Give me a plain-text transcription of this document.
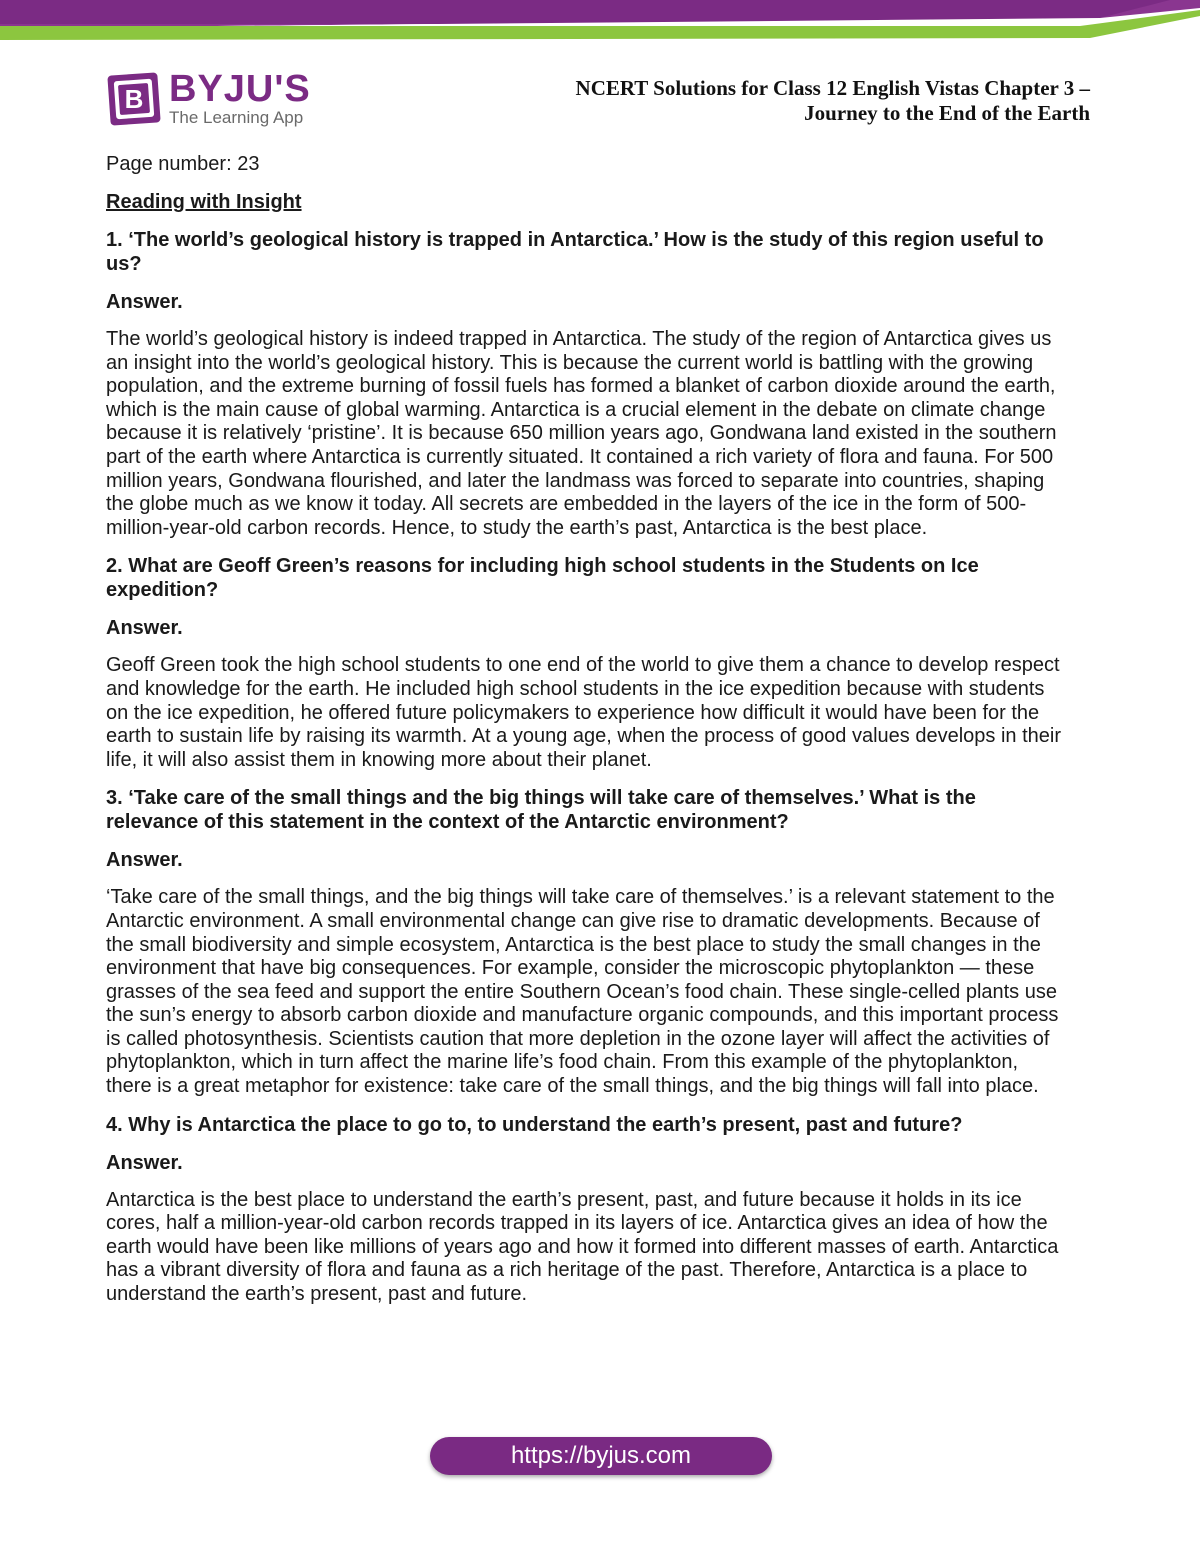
B BYJU'S
The Learning App
NCERT Solutions for Class 12 English Vistas Chapter 3 –
Journey to the End of the Earth

Page number: 23

Reading with Insight

1. ‘The world’s geological history is trapped in Antarctica.’ How is the study of this region useful to
us?

Answer.

The world’s geological history is indeed trapped in Antarctica. The study of the region of Antarctica gives us
an insight into the world’s geological history. This is because the current world is battling with the growing
population, and the extreme burning of fossil fuels has formed a blanket of carbon dioxide around the earth,
which is the main cause of global warming. Antarctica is a crucial element in the debate on climate change
because it is relatively ‘pristine’. It is because 650 million years ago, Gondwana land existed in the southern
part of the earth where Antarctica is currently situated. It contained a rich variety of flora and fauna. For 500
million years, Gondwana flourished, and later the landmass was forced to separate into countries, shaping
the globe much as we know it today. All secrets are embedded in the layers of the ice in the form of 500-
million-year-old carbon records. Hence, to study the earth’s past, Antarctica is the best place.

2. What are Geoff Green’s reasons for including high school students in the Students on Ice
expedition?

Answer.

Geoff Green took the high school students to one end of the world to give them a chance to develop respect
and knowledge for the earth. He included high school students in the ice expedition because with students
on the ice expedition, he offered future policymakers to experience how difficult it would have been for the
earth to sustain life by raising its warmth. At a young age, when the process of good values develops in their
life, it will also assist them in knowing more about their planet.

3. ‘Take care of the small things and the big things will take care of themselves.’ What is the
relevance of this statement in the context of the Antarctic environment?

Answer.

‘Take care of the small things, and the big things will take care of themselves.’ is a relevant statement to the
Antarctic environment. A small environmental change can give rise to dramatic developments. Because of
the small biodiversity and simple ecosystem, Antarctica is the best place to study the small changes in the
environment that have big consequences. For example, consider the microscopic phytoplankton — these
grasses of the sea feed and support the entire Southern Ocean’s food chain. These single-celled plants use
the sun’s energy to absorb carbon dioxide and manufacture organic compounds, and this important process
is called photosynthesis. Scientists caution that more depletion in the ozone layer will affect the activities of
phytoplankton, which in turn affect the marine life’s food chain. From this example of the phytoplankton,
there is a great metaphor for existence: take care of the small things, and the big things will fall into place.

4. Why is Antarctica the place to go to, to understand the earth’s present, past and future?

Answer.

Antarctica is the best place to understand the earth’s present, past, and future because it holds in its ice
cores, half a million-year-old carbon records trapped in its layers of ice. Antarctica gives an idea of how the
earth would have been like millions of years ago and how it formed into different masses of earth. Antarctica
has a vibrant diversity of flora and fauna as a rich heritage of the past. Therefore, Antarctica is a place to
understand the earth’s present, past and future.

https://byjus.com
